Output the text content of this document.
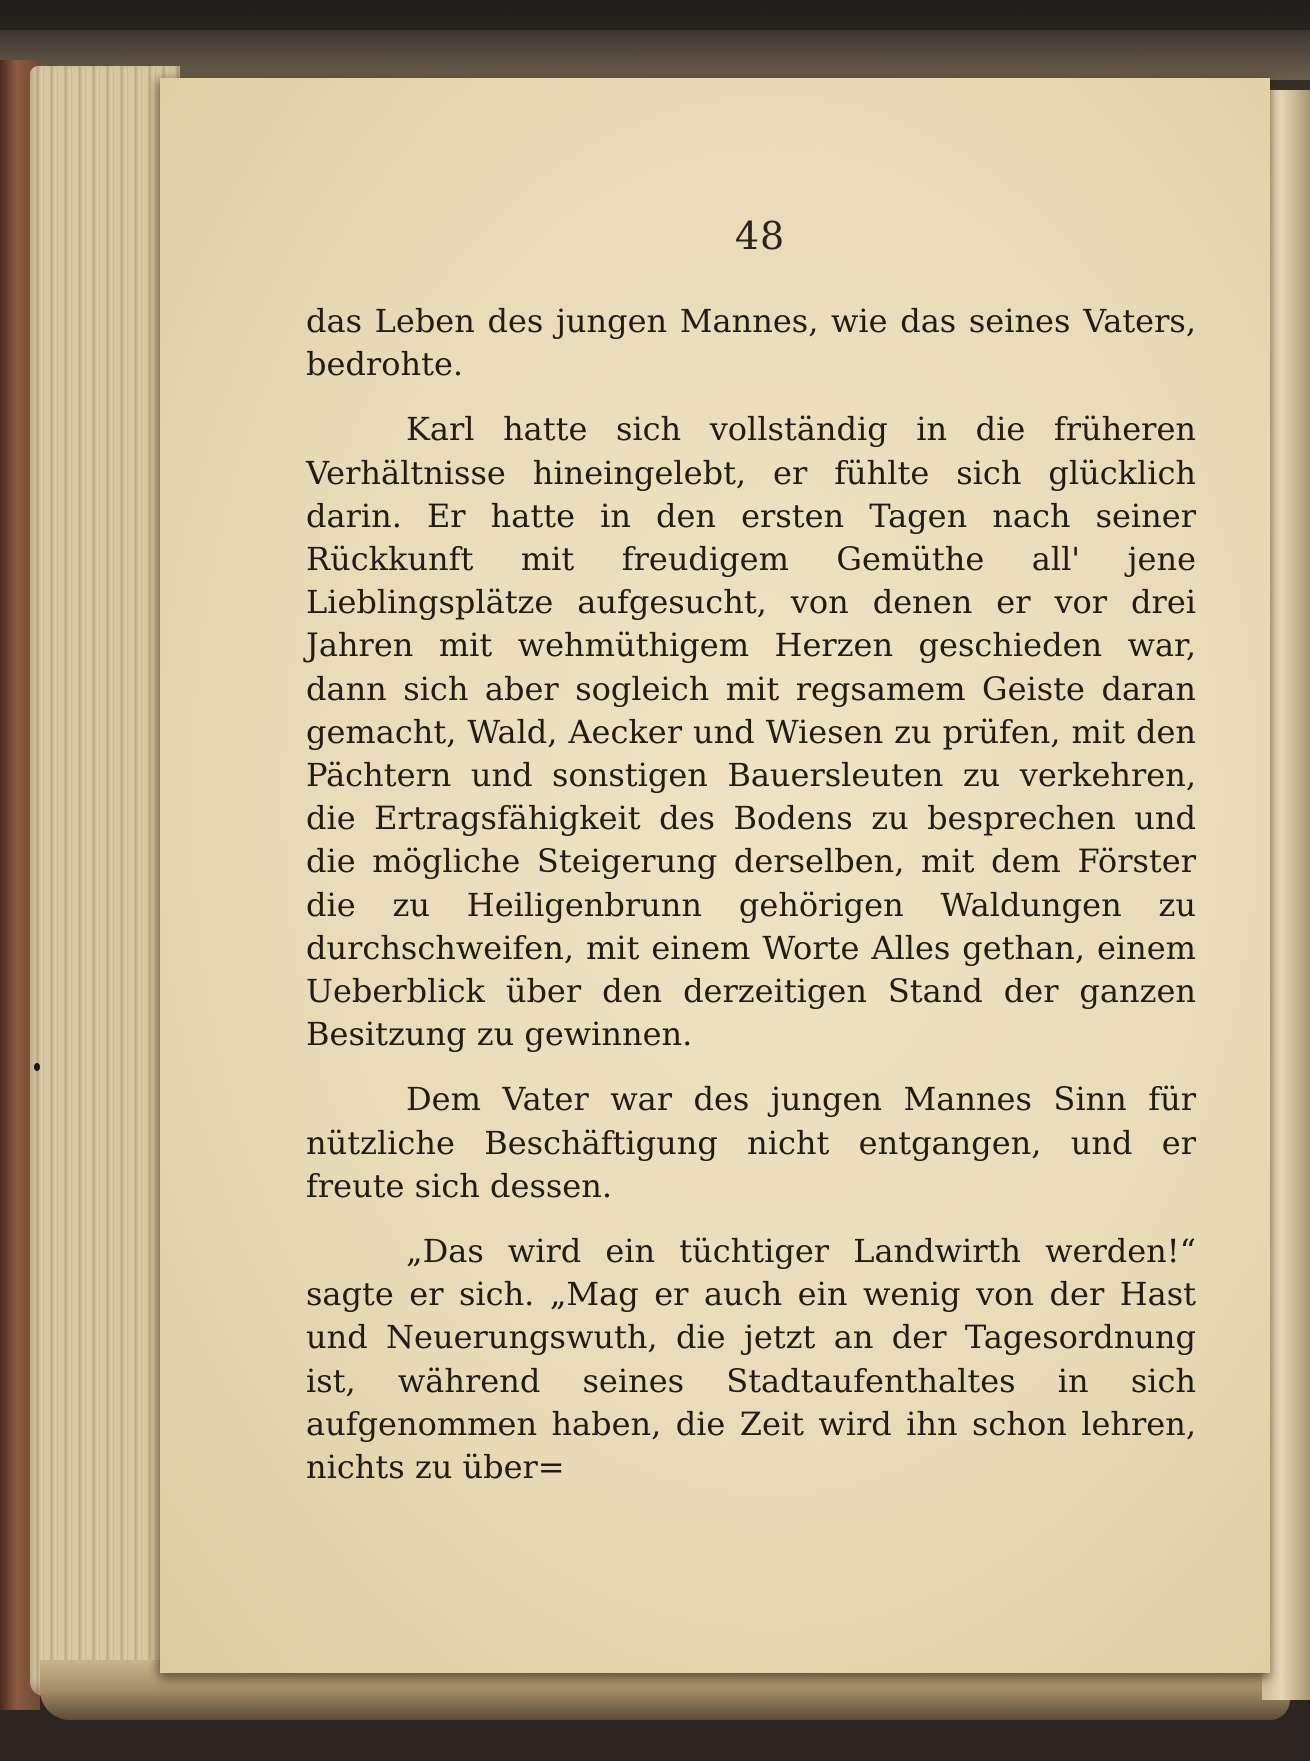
48

das Leben des jungen Mannes, wie das seines Vaters, bedrohte.

Karl hatte sich vollständig in die früheren Verhältnisse hineingelebt, er fühlte sich glücklich darin. Er hatte in den ersten Tagen nach seiner Rückkunft mit freudigem Gemüthe all' jene Lieblingsplätze aufgesucht, von denen er vor drei Jahren mit wehmüthigem Herzen geschieden war, dann sich aber sogleich mit regsamem Geiste daran gemacht, Wald, Aecker und Wiesen zu prüfen, mit den Pächtern und sonstigen Bauersleuten zu verkehren, die Ertragsfähigkeit des Bodens zu besprechen und die mögliche Steigerung derselben, mit dem Förster die zu Heiligenbrunn gehörigen Waldungen zu durchschweifen, mit einem Worte Alles gethan, einem Ueberblick über den derzeitigen Stand der ganzen Besitzung zu gewinnen.

Dem Vater war des jungen Mannes Sinn für nützliche Beschäftigung nicht entgangen, und er freute sich dessen.

„Das wird ein tüchtiger Landwirth werden!“ sagte er sich. „Mag er auch ein wenig von der Hast und Neuerungswuth, die jetzt an der Tagesordnung ist, während seines Stadtaufenthaltes in sich aufgenommen haben, die Zeit wird ihn schon lehren, nichts zu über=
